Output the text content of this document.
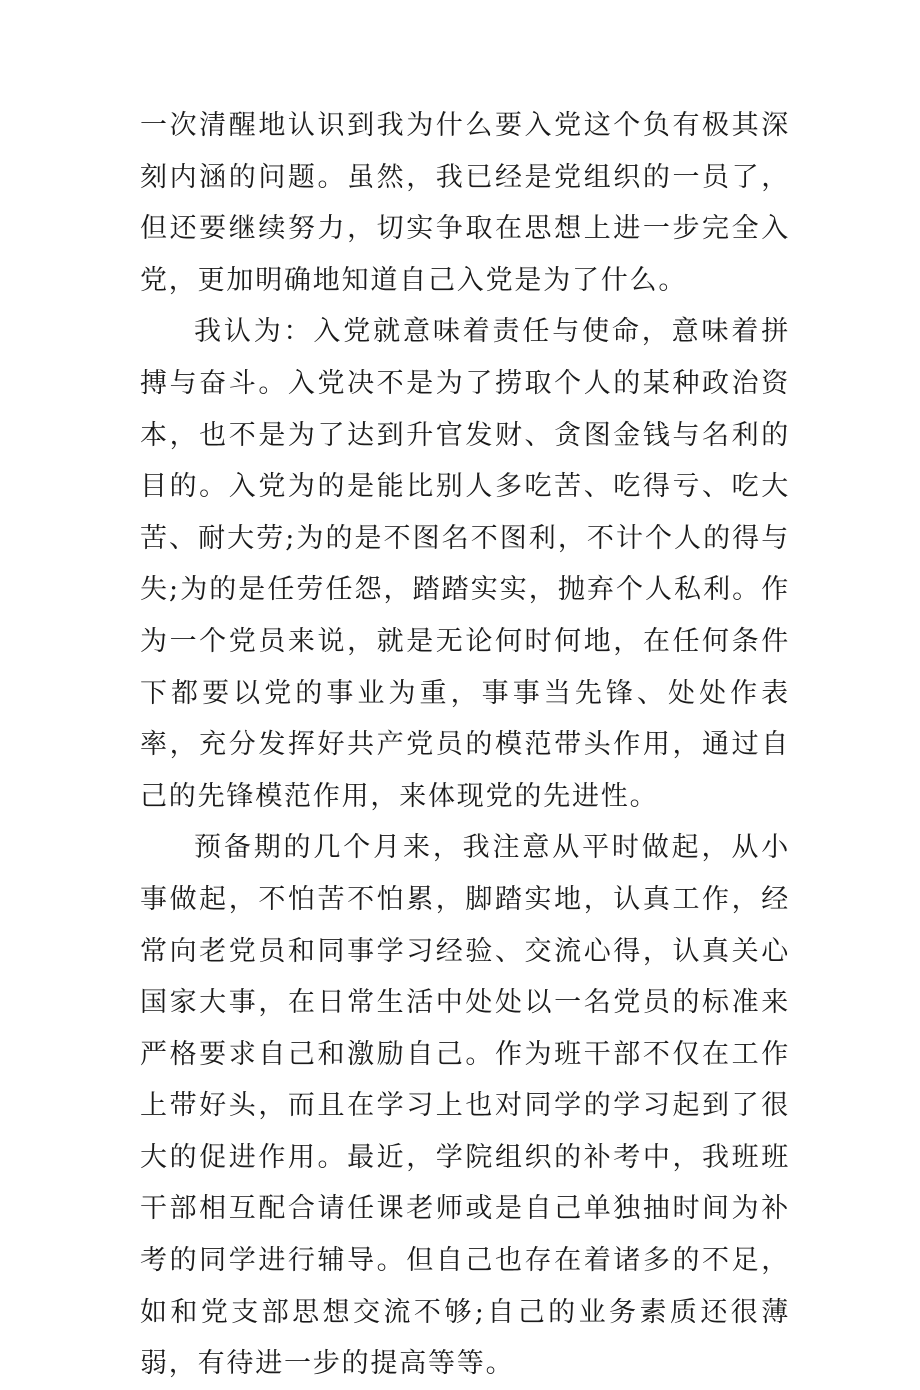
一次清醒地认识到我为什么要入党这个负有极其深刻内涵的问题。虽然，我已经是党组织的一员了，但还要继续努力，切实争取在思想上进一步完全入党，更加明确地知道自己入党是为了什么。

我认为：入党就意味着责任与使命，意味着拼搏与奋斗。入党决不是为了捞取个人的某种政治资本，也不是为了达到升官发财、贪图金钱与名利的目的。入党为的是能比别人多吃苦、吃得亏、吃大苦、耐大劳;为的是不图名不图利，不计个人的得与失;为的是任劳任怨，踏踏实实，抛弃个人私利。作为一个党员来说，就是无论何时何地，在任何条件下都要以党的事业为重，事事当先锋、处处作表率，充分发挥好共产党员的模范带头作用，通过自己的先锋模范作用，来体现党的先进性。

预备期的几个月来，我注意从平时做起，从小事做起，不怕苦不怕累，脚踏实地，认真工作，经常向老党员和同事学习经验、交流心得，认真关心国家大事，在日常生活中处处以一名党员的标准来严格要求自己和激励自己。作为班干部不仅在工作上带好头，而且在学习上也对同学的学习起到了很大的促进作用。最近，学院组织的补考中，我班班干部相互配合请任课老师或是自己单独抽时间为补考的同学进行辅导。但自己也存在着诸多的不足，如和党支部思想交流不够;自己的业务素质还很薄弱，有待进一步的提高等等。
